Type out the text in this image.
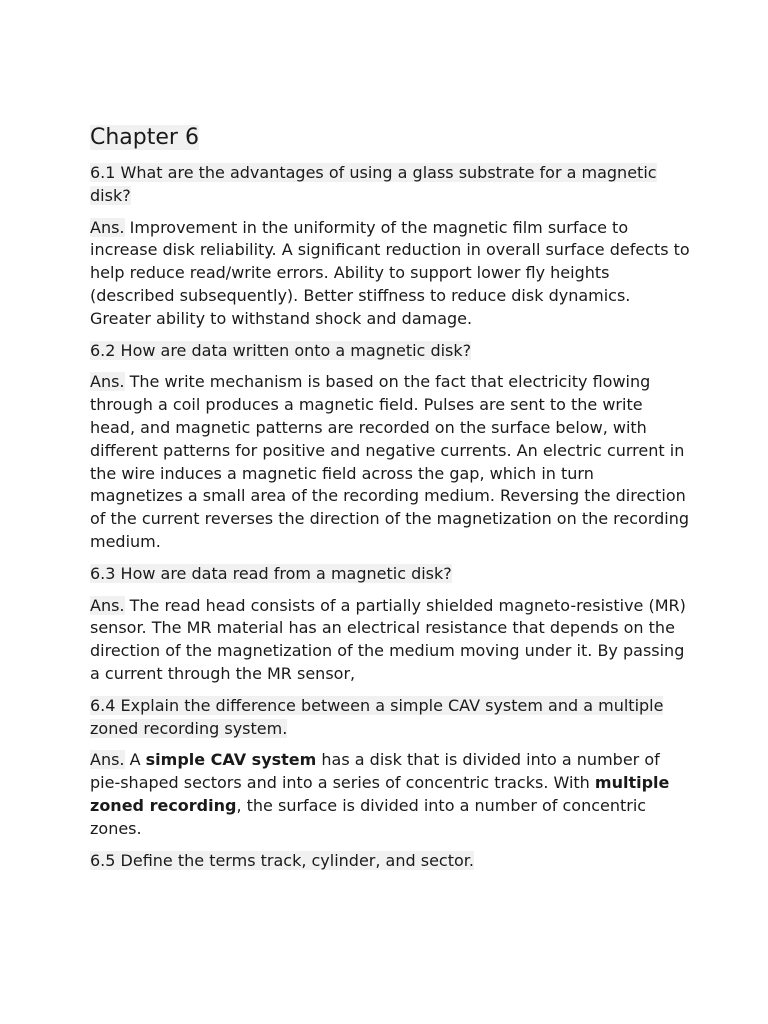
Chapter 6
6.1 What are the advantages of using a glass substrate for a magnetic disk?
Ans. Improvement in the uniformity of the magnetic film surface to increase disk reliability. A significant reduction in overall surface defects to help reduce read/write errors. Ability to support lower fly heights (described subsequently). Better stiffness to reduce disk dynamics. Greater ability to withstand shock and damage.
6.2 How are data written onto a magnetic disk?
Ans. The write mechanism is based on the fact that electricity flowing through a coil produces a magnetic field. Pulses are sent to the write head, and magnetic patterns are recorded on the surface below, with different patterns for positive and negative currents. An electric current in the wire induces a magnetic field across the gap, which in turn magnetizes a small area of the recording medium. Reversing the direction of the current reverses the direction of the magnetization on the recording medium.
6.3 How are data read from a magnetic disk?
Ans. The read head consists of a partially shielded magneto-resistive (MR) sensor. The MR material has an electrical resistance that depends on the direction of the magnetization of the medium moving under it. By passing a current through the MR sensor,
6.4 Explain the difference between a simple CAV system and a multiple zoned recording system.
Ans. A simple CAV system has a disk that is divided into a number of pie-shaped sectors and into a series of concentric tracks. With multiple zoned recording, the surface is divided into a number of concentric zones.
6.5 Define the terms track, cylinder, and sector.
